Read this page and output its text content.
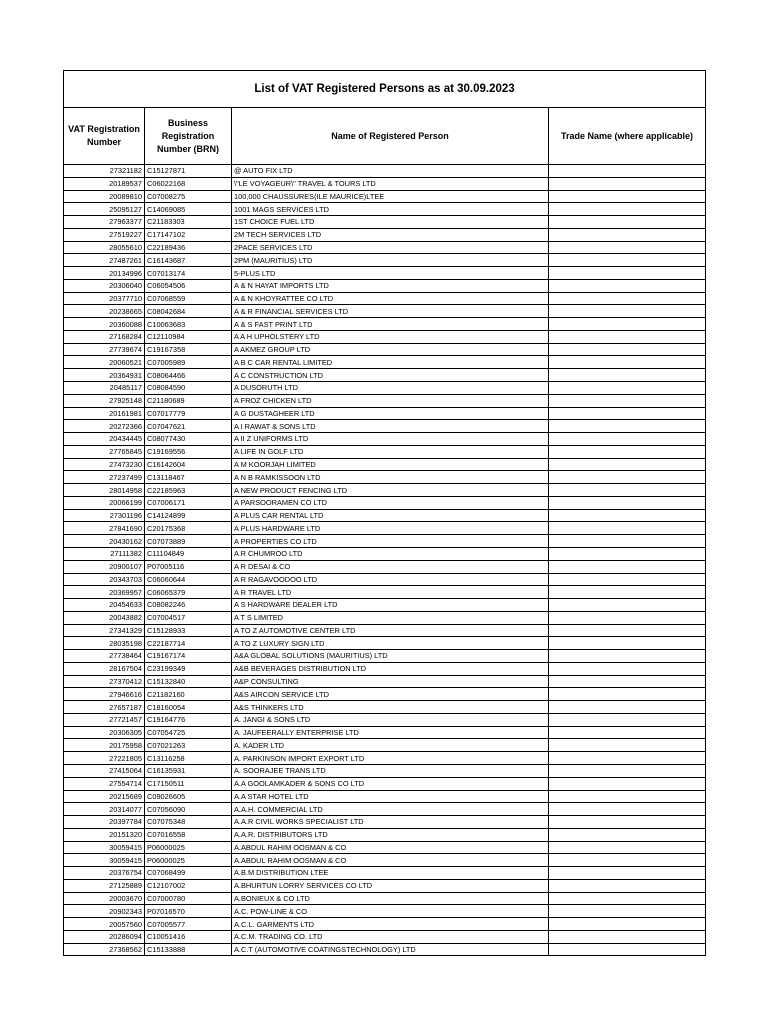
List of VAT Registered Persons as at 30.09.2023			
VAT Registration Number	Business Registration Number (BRN)	Name of Registered Person	Trade Name (where applicable)
27321182	C15127871	@ AUTO FIX LTD	
20189537	C06022168	\"LE VOYAGEUR\" TRAVEL & TOURS LTD	
20089810	C07008275	100,000 CHAUSSURES(ILE MAURICE)LTEE	
25095127	C14069085	1001 MAGS SERVICES LTD	
27963377	C21183303	1ST CHOICE FUEL LTD	
27519227	C17147102	2M TECH SERVICES LTD	
28055610	C22189436	2PACE SERVICES LTD	
27487261	C16143687	2PM (MAURITIUS) LTD	
20134996	C07013174	5-PLUS LTD	
20306040	C06054506	A & N HAYAT IMPORTS LTD	
20377710	C07068559	A & N KHOYRATTEE CO LTD	
20238665	C08042684	A & R FINANCIAL SERVICES LTD	
20360088	C10063683	A & S FAST PRINT LTD	
27168284	C12110984	A A H UPHOLSTERY LTD	
27739674	C19167358	A AKMEZ GROUP LTD	
20060521	C07005989	A B C CAR RENTAL LIMITED	
20364931	C08064466	A C CONSTRUCTION LTD	
20485117	C08084590	A DUSORUTH LTD	
27925148	C21180689	A FROZ CHICKEN LTD	
20161981	C07017779	A G DUSTAGHEER LTD	
20272366	C07047621	A I RAWAT & SONS LTD	
20434445	C08077430	A II Z UNIFORMS LTD	
27765845	C19169556	A LIFE IN GOLF LTD	
27473230	C16142604	A M KOORJAH LIMITED	
27237499	C13118467	A N B RAMKISSOON LTD	
28014958	C22185963	A NEW PRODUCT FENCING LTD	
20066199	C07006171	A PARSOORAMEN CO LTD	
27301196	C14124899	A PLUS CAR RENTAL LTD	
27841690	C20175368	A PLUS HARDWARE LTD	
20430162	C07073889	A PROPERTIES CO LTD	
27111382	C11104849	A R CHUMROO LTD	
20900107	P07005116	A R DESAI & CO	
20343703	C06060644	A R RAGAVOODOO LTD	
20369957	C06065379	A R TRAVEL LTD	
20454633	C08082246	A S HARDWARE DEALER LTD	
20043882	C07004517	A T S LIMITED	
27341329	C15128933	A TO Z AUTOMOTIVE CENTER LTD	
28035198	C22187714	A TO Z LUXURY SIGN LTD	
27738464	C19167174	A&A GLOBAL SOLUTIONS (MAURITIUS) LTD	
28167504	C23199349	A&B BEVERAGES DISTRIBUTION LTD	
27370412	C15132840	A&P CONSULTING	
27946616	C21182160	A&S AIRCON SERVICE LTD	
27657187	C18160054	A&S THINKERS LTD	
27721457	C19164776	A. JANGI & SONS LTD	
20306305	C07054725	A. JAUFEERALLY ENTERPRISE LTD	
20175958	C07021263	A. KADER LTD	
27221805	C13116258	A. PARKINSON IMPORT EXPORT LTD	
27415064	C16135931	A. SOORAJEE TRANS LTD	
27554714	C17150511	A.A GOOLAMKADER & SONS CO LTD	
20215689	C09026605	A.A STAR HOTEL LTD	
20314077	C07056090	A.A.H. COMMERCIAL LTD	
20397784	C07075348	A.A.R CIVIL WORKS SPECIALIST LTD	
20151320	C07016558	A.A.R. DISTRIBUTORS LTD	
30059415	P06000025	A.ABDUL RAHIM OOSMAN & CO	
30059415	P06000025	A.ABDUL RAHIM OOSMAN & CO	
20376754	C07068499	A.B.M DISTRIBUTION LTEE	
27125889	C12107002	A.BHURTUN LORRY SERVICES CO LTD	
20003670	C07000780	A.BONIEUX & CO LTD	
20902343	P07016570	A.C. POW-LINE & CO	
20057560	C07005577	A.C.L. GARMENTS LTD	
20286094	C10051416	A.C.M. TRADING CO. LTD	
27368562	C15133888	A.C.T (AUTOMOTIVE COATINGSTECHNOLOGY) LTD	
